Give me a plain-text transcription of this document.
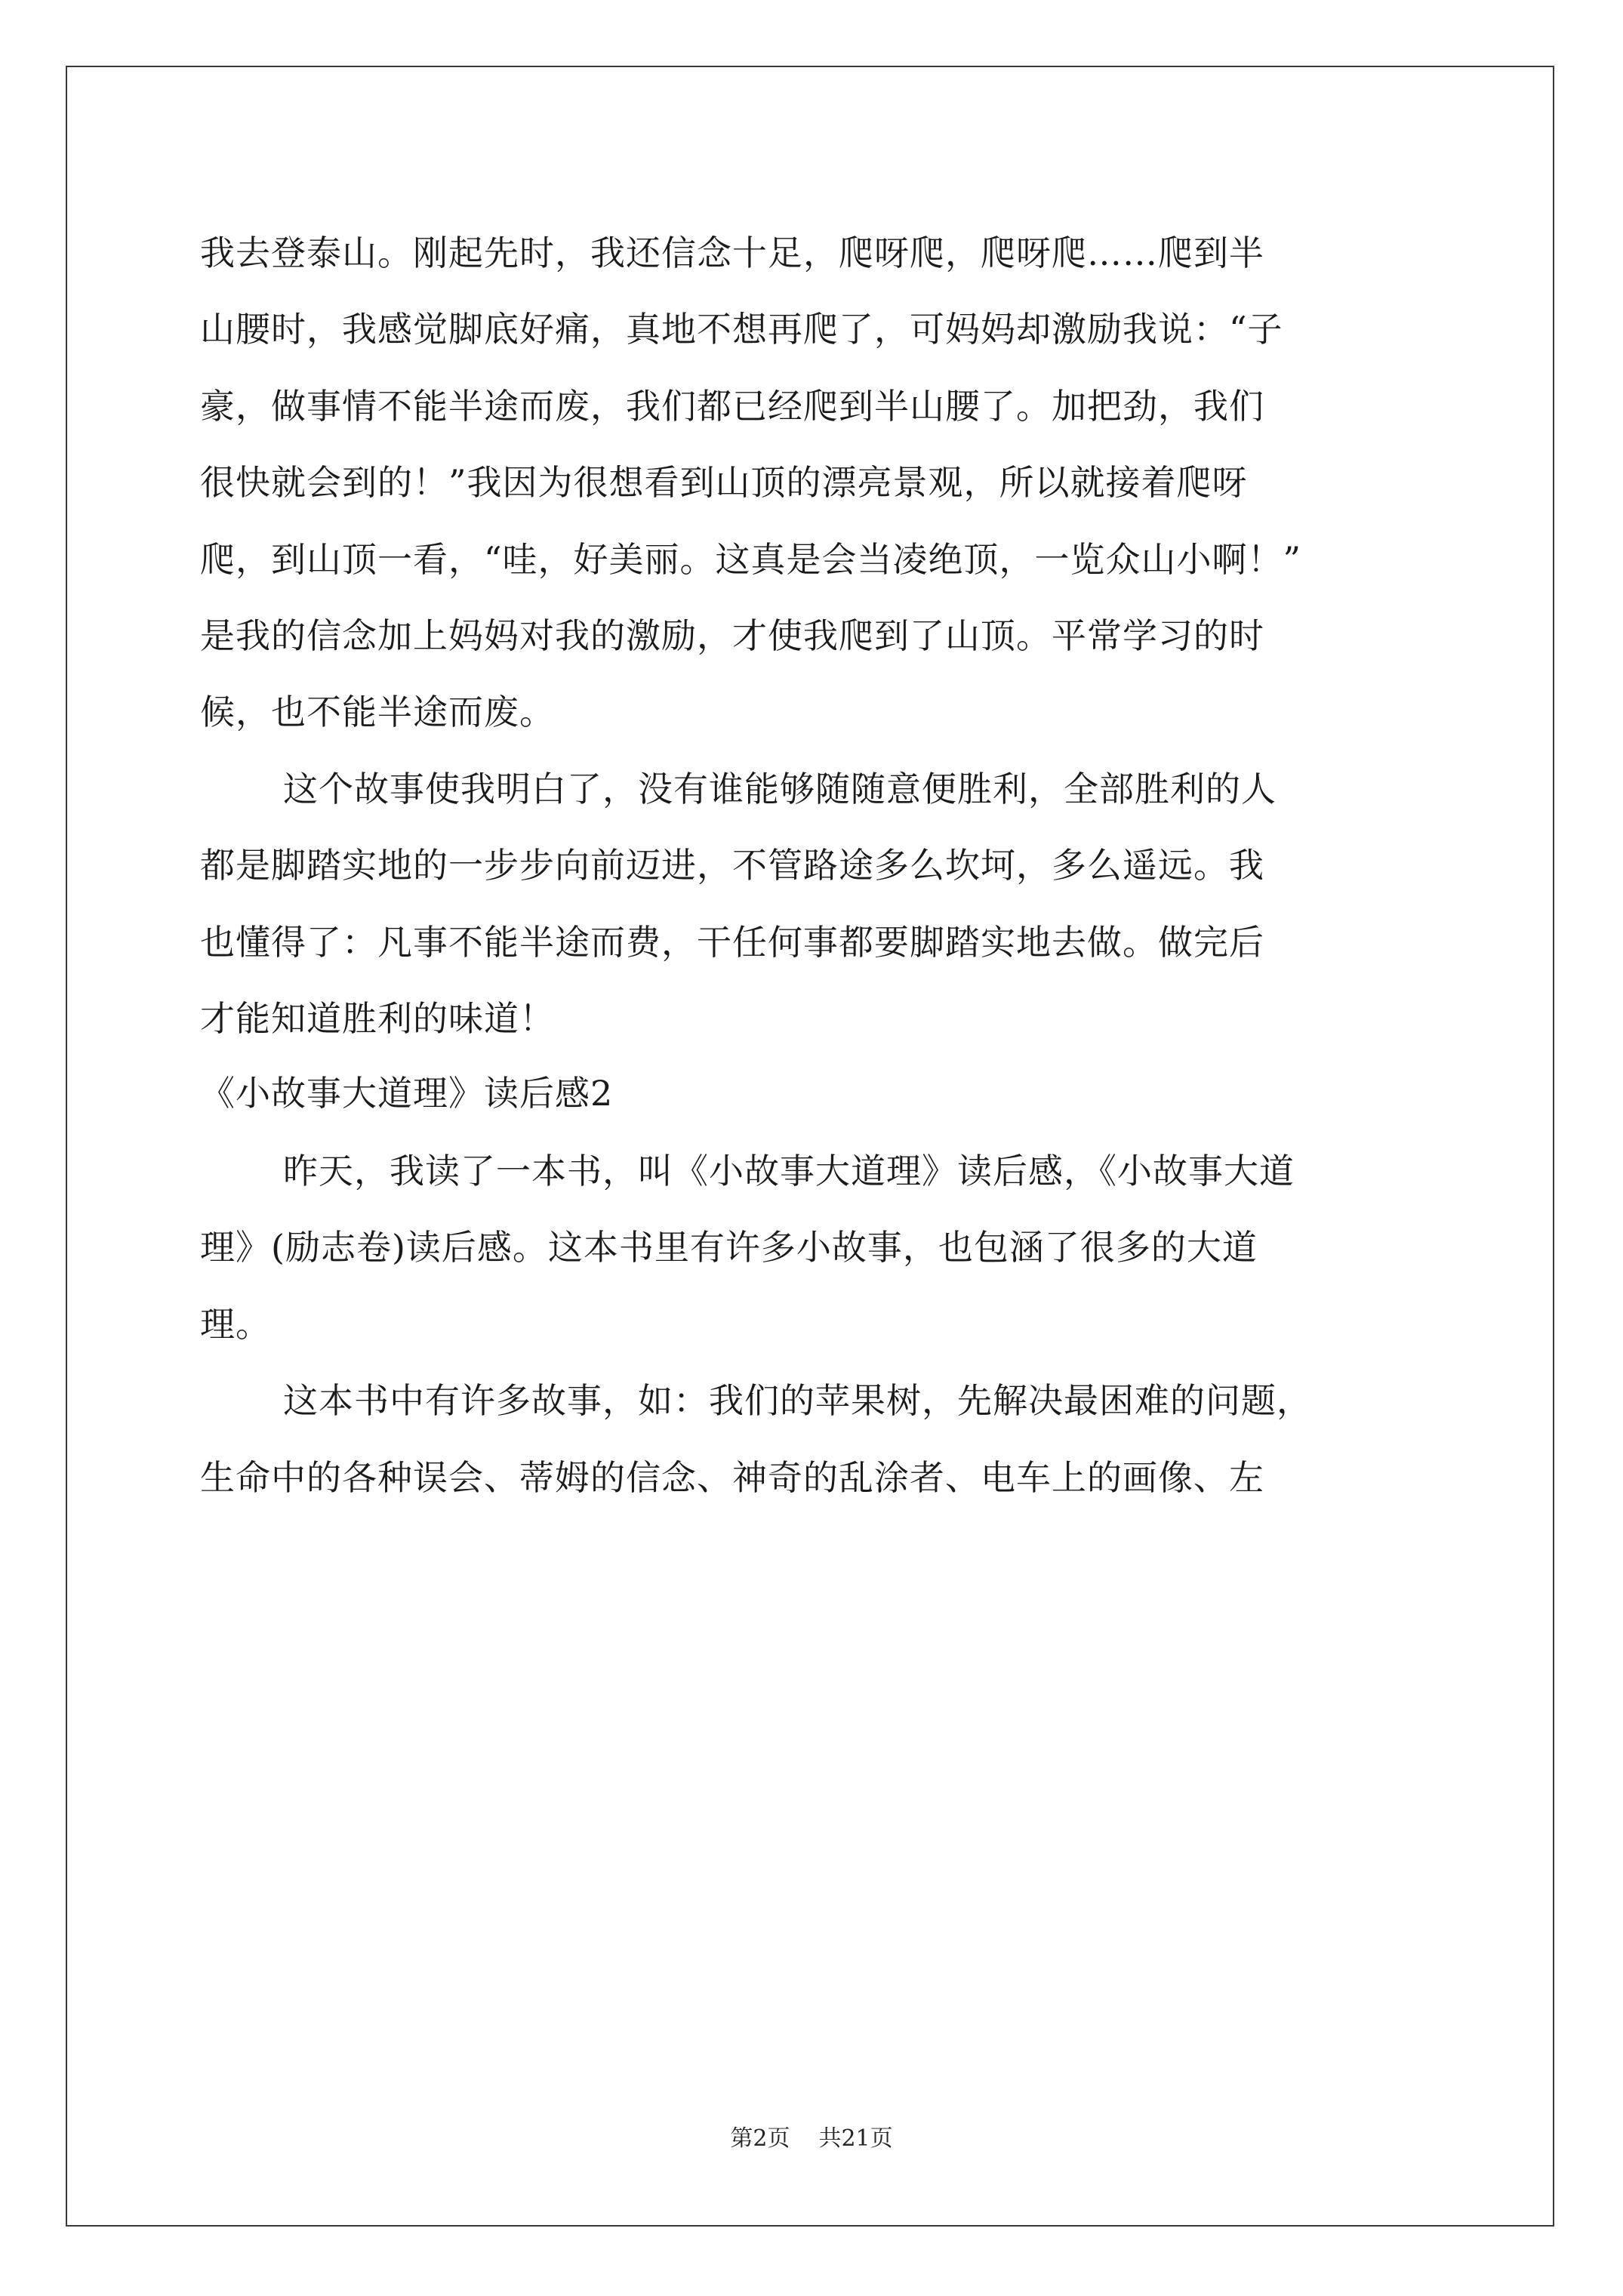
我去登泰山。刚起先时，我还信念十足，爬呀爬，爬呀爬……爬到半
山腰时，我感觉脚底好痛，真地不想再爬了，可妈妈却激励我说：“子
豪，做事情不能半途而废，我们都已经爬到半山腰了。加把劲，我们
很快就会到的！”我因为很想看到山顶的漂亮景观，所以就接着爬呀
爬，到山顶一看，“哇，好美丽。这真是会当凌绝顶，一览众山小啊！”
是我的信念加上妈妈对我的激励，才使我爬到了山顶。平常学习的时
候，也不能半途而废。
这个故事使我明白了，没有谁能够随随意便胜利，全部胜利的人
都是脚踏实地的一步步向前迈进，不管路途多么坎坷，多么遥远。我
也懂得了：凡事不能半途而费，干任何事都要脚踏实地去做。做完后
才能知道胜利的味道！
《小故事大道理》读后感2
昨天，我读了一本书，叫《小故事大道理》读后感，《小故事大道
理》(励志卷)读后感。这本书里有许多小故事，也包涵了很多的大道
理。
这本书中有许多故事，如：我们的苹果树，先解决最困难的问题，
生命中的各种误会、蒂姆的信念、神奇的乱涂者、电车上的画像、左
第2页 共21页
